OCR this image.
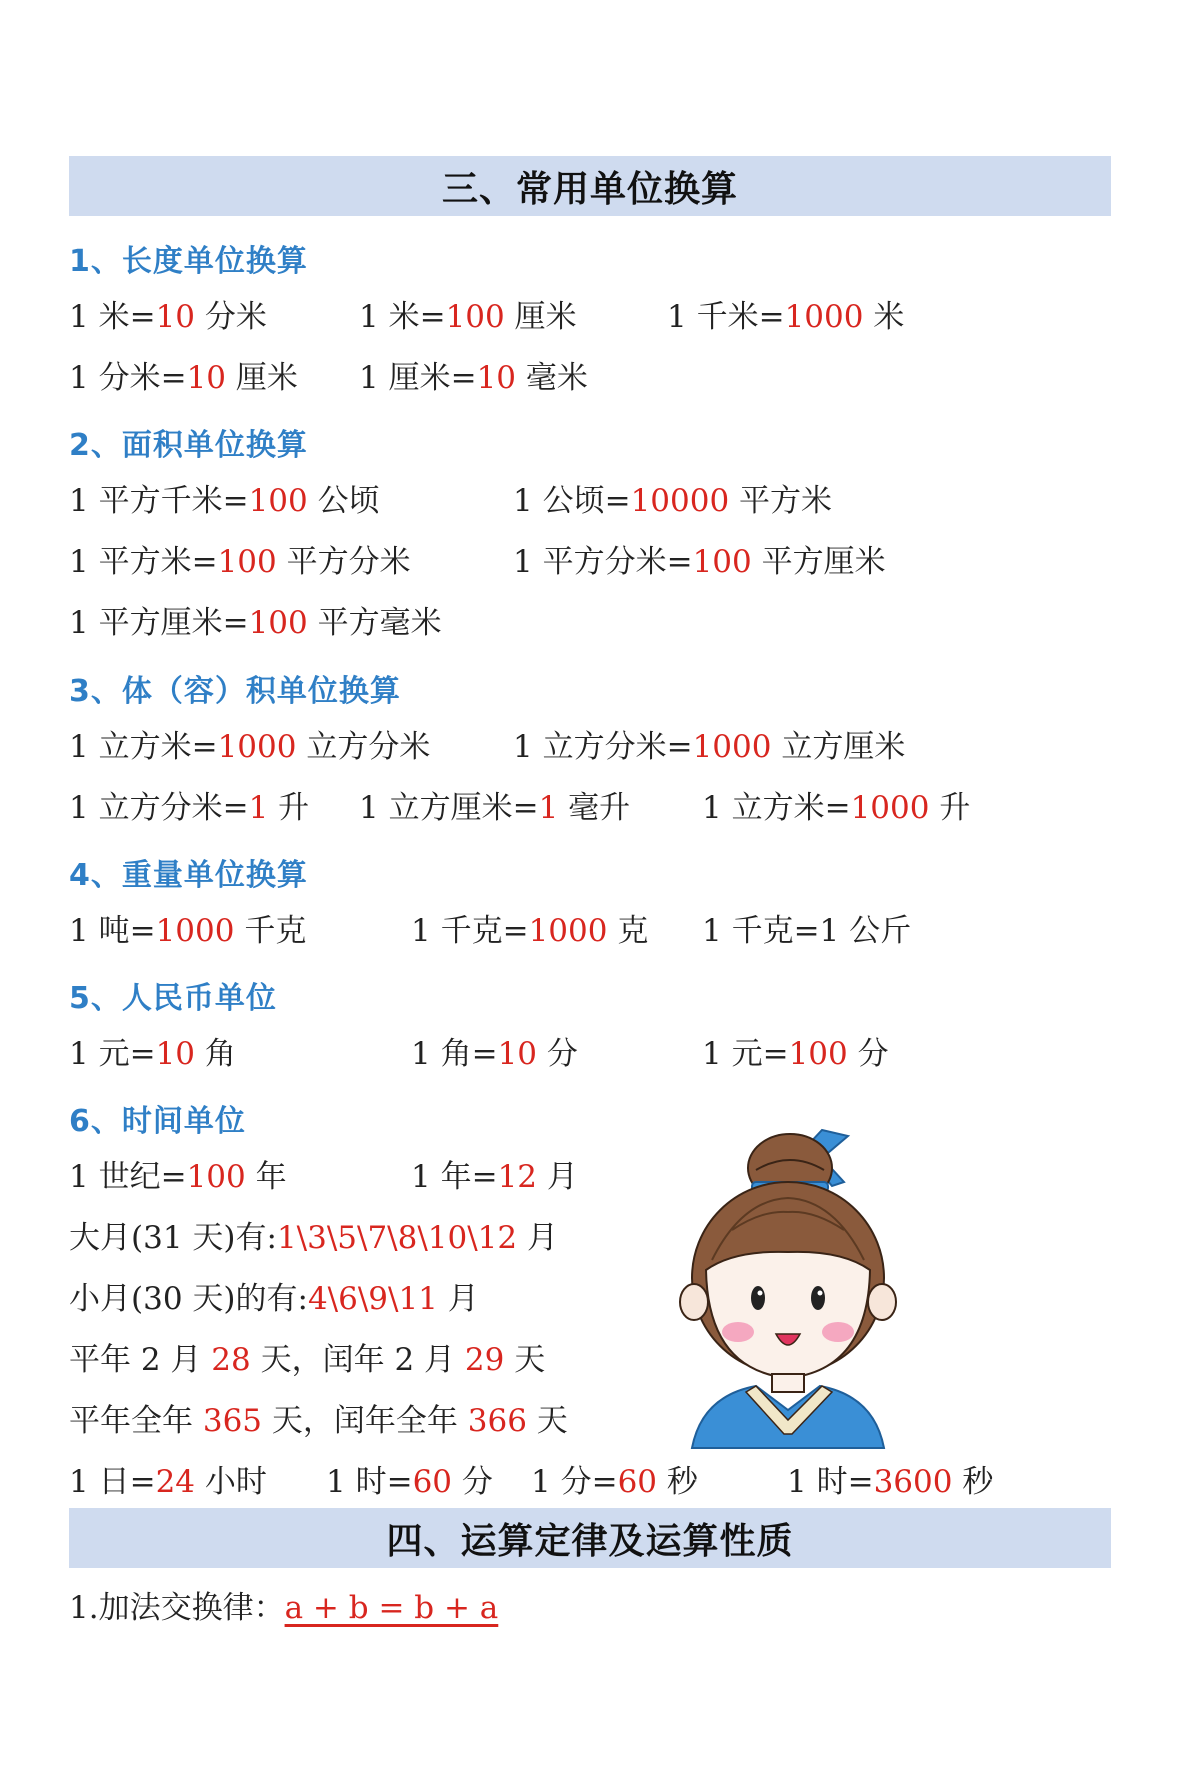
三、常用单位换算
1、长度单位换算
1 米=10 分米	1 米=100 厘米	1 千米=1000 米
1 分米=10 厘米 1 厘米=10 毫米
2、面积单位换算
1 平方千米=100 公顷	1 公顷=10000 平方米
1 平方米=100 平方分米	1 平方分米=100 平方厘米
1 平方厘米=100 平方毫米
3、体（容）积单位换算
1 立方米=1000 立方分米	1 立方分米=1000 立方厘米
1 立方分米=1 升 1 立方厘米=1 毫升 1 立方米=1000 升
4、重量单位换算
1 吨=1000 千克	1 千克=1000 克 1 千克=1 公斤
5、人民币单位
1 元=10 角	1 角=10 分	1 元=100 分
6、时间单位
1 世纪=100 年	1 年=12 月
大月(31 天)有:1\3\5\7\8\10\12 月
小月(30 天)的有:4\6\9\11 月
平年 2 月 28 天，闰年 2 月 29 天
平年全年 365 天，闰年全年 366 天
1 日=24 小时 1 时=60 分 1 分=60 秒	1 时=3600 秒
四、运算定律及运算性质
1.加法交换律：a + b = b + a
